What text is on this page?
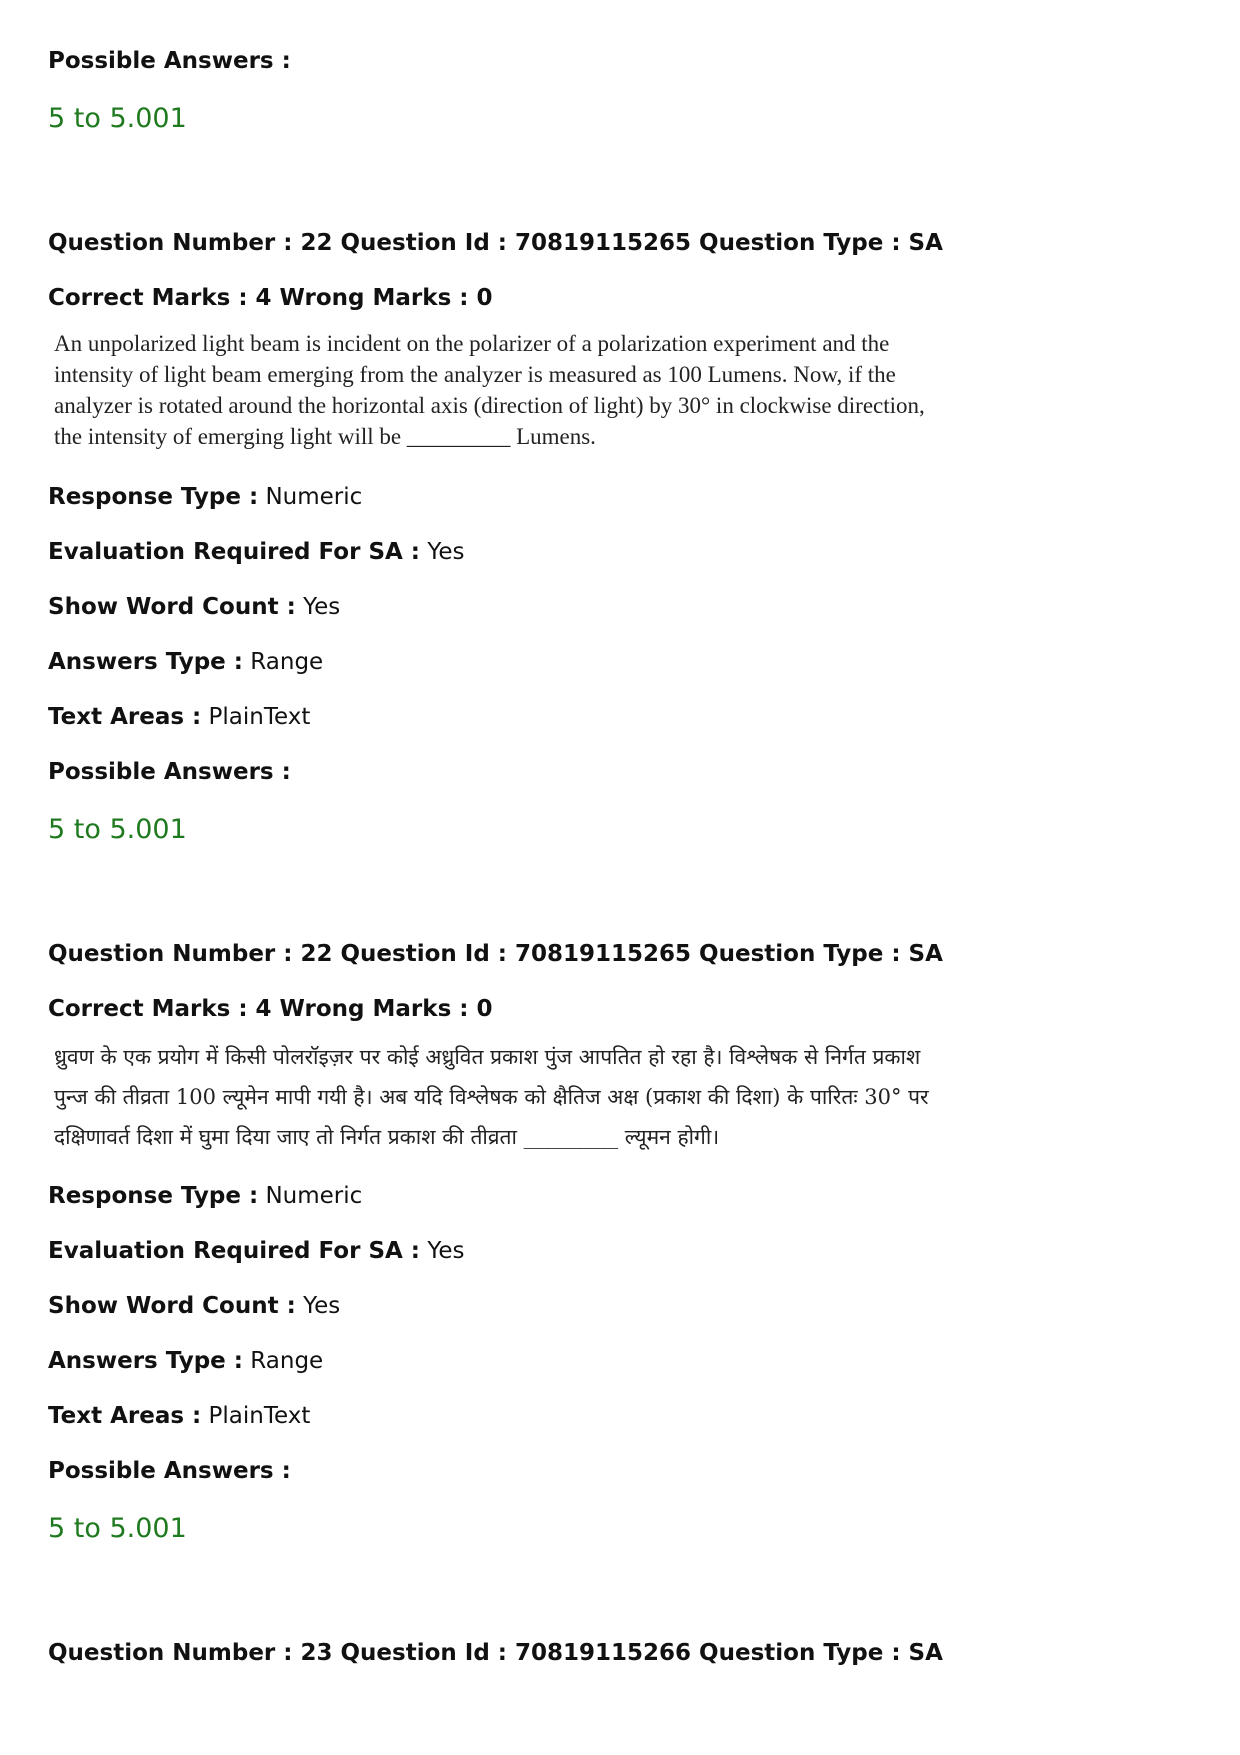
Possible Answers :
5 to 5.001
Question Number : 22 Question Id : 70819115265 Question Type : SA
Correct Marks : 4 Wrong Marks : 0
An unpolarized light beam is incident on the polarizer of a polarization experiment and the
intensity of light beam emerging from the analyzer is measured as 100 Lumens. Now, if the
analyzer is rotated around the horizontal axis (direction of light) by 30° in clockwise direction,
the intensity of emerging light will be _________ Lumens.
Response Type : Numeric
Evaluation Required For SA : Yes
Show Word Count : Yes
Answers Type : Range
Text Areas : PlainText
Possible Answers :
5 to 5.001
Question Number : 22 Question Id : 70819115265 Question Type : SA
Correct Marks : 4 Wrong Marks : 0
ध्रुवण के एक प्रयोग में किसी पोलरॉइज़र पर कोई अध्रुवित प्रकाश पुंज आपतित हो रहा है। विश्लेषक से निर्गत प्रकाश
पुन्ज की तीव्रता 100 ल्यूमेन मापी गयी है। अब यदि विश्लेषक को क्षैतिज अक्ष (प्रकाश की दिशा) के पारितः 30° पर
दक्षिणावर्त दिशा में घुमा दिया जाए तो निर्गत प्रकाश की तीव्रता _________ ल्यूमन होगी।
Response Type : Numeric
Evaluation Required For SA : Yes
Show Word Count : Yes
Answers Type : Range
Text Areas : PlainText
Possible Answers :
5 to 5.001
Question Number : 23 Question Id : 70819115266 Question Type : SA
